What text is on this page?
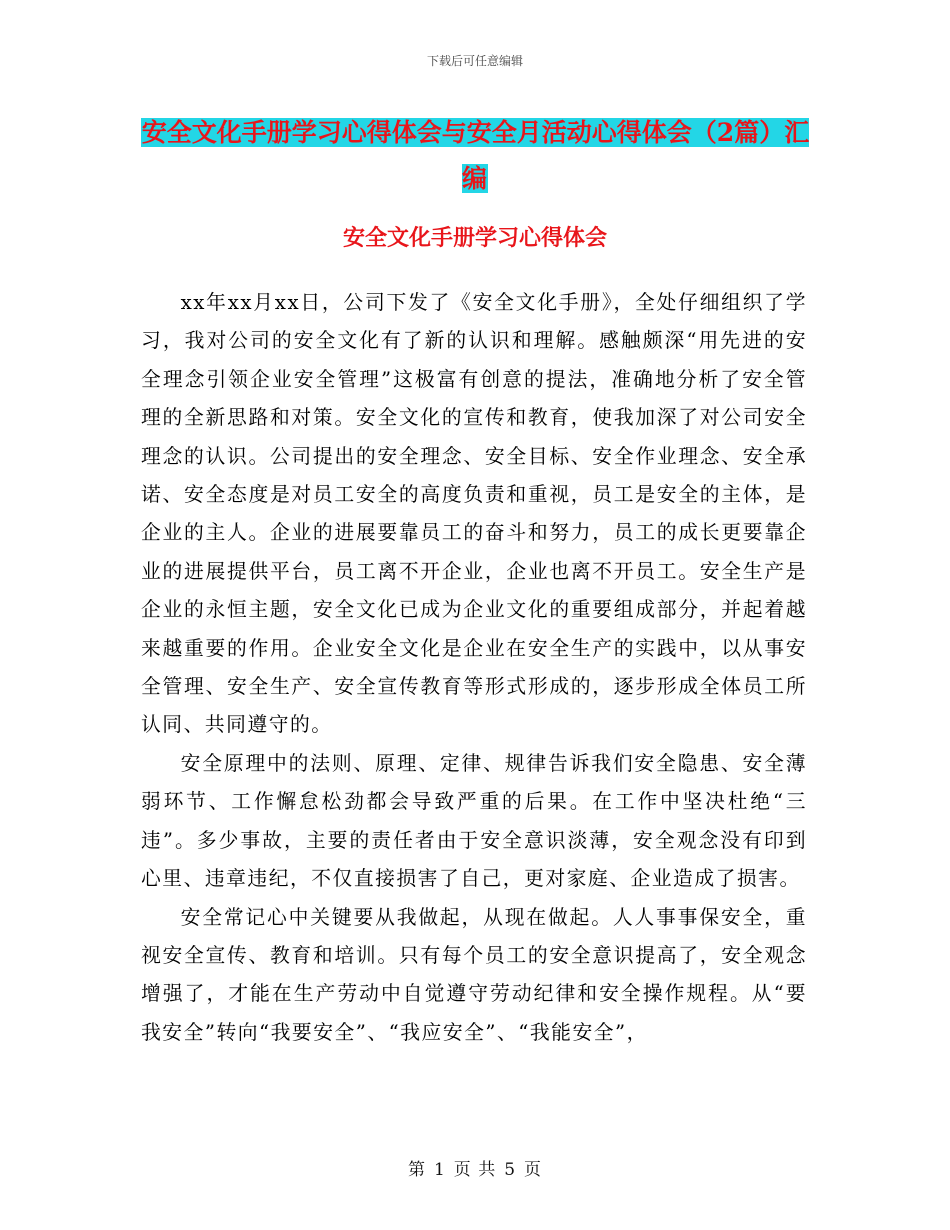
下载后可任意编辑
安全文化手册学习心得体会与安全月活动心得体会（2篇）汇编
安全文化手册学习心得体会

xx年xx月xx日，公司下发了《安全文化手册》，全处仔细组织了学习，我对公司的安全文化有了新的认识和理解。感触颇深“用先进的安全理念引领企业安全管理”这极富有创意的提法，准确地分析了安全管理的全新思路和对策。安全文化的宣传和教育，使我加深了对公司安全理念的认识。公司提出的安全理念、安全目标、安全作业理念、安全承诺、安全态度是对员工安全的高度负责和重视，员工是安全的主体，是企业的主人。企业的进展要靠员工的奋斗和努力，员工的成长更要靠企业的进展提供平台，员工离不开企业，企业也离不开员工。安全生产是企业的永恒主题，安全文化已成为企业文化的重要组成部分，并起着越来越重要的作用。企业安全文化是企业在安全生产的实践中，以从事安全管理、安全生产、安全宣传教育等形式形成的，逐步形成全体员工所认同、共同遵守的。

安全原理中的法则、原理、定律、规律告诉我们安全隐患、安全薄弱环节、工作懈怠松劲都会导致严重的后果。在工作中坚决杜绝“三违”。多少事故，主要的责任者由于安全意识淡薄，安全观念没有印到心里、违章违纪，不仅直接损害了自己，更对家庭、企业造成了损害。

安全常记心中关键要从我做起，从现在做起。人人事事保安全，重视安全宣传、教育和培训。只有每个员工的安全意识提高了，安全观念增强了，才能在生产劳动中自觉遵守劳动纪律和安全操作规程。从“要我安全”转向“我要安全”、“我应安全”、“我能安全”，

第 1 页 共 5 页
